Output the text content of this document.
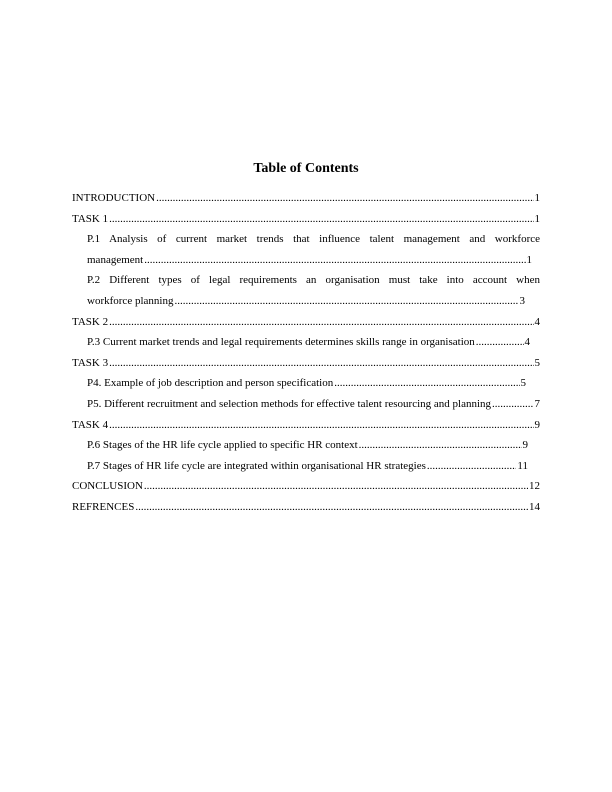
Table of Contents
INTRODUCTION .....	1
TASK 1 .....	1
P.1 Analysis of current market trends that influence talent management and workforce
management .....	1
P.2 Different types of legal requirements an organisation must take into account when
workforce planning .....	3
TASK 2 .....	4
P.3 Current market trends and legal requirements determines skills range in organisation .....	4
TASK 3 .....	5
P4. Example of job description and person specification .....	5
P5. Different recruitment and selection methods for effective talent resourcing and planning .....	7
TASK 4 .....	9
P.6 Stages of the HR life cycle applied to specific HR context .....	9
P.7 Stages of HR life cycle are integrated within organisational HR strategies .....	11
CONCLUSION .....	12
REFRENCES .....	14
